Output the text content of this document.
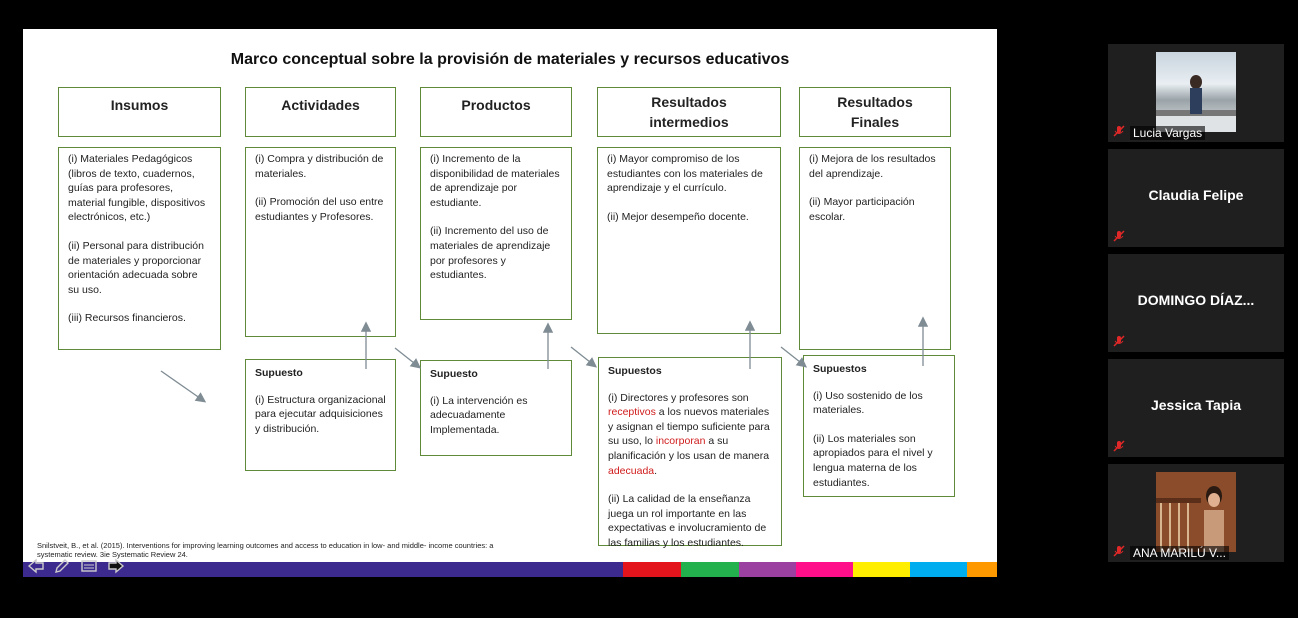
Marco conceptual sobre la provisión de materiales y recursos educativos
Insumos	Actividades	Productos	Resultados
intermedios
Resultados
Finales

(i) Materiales Pedagógicos (libros de texto, cuadernos, guías para profesores, material fungible, dispositivos electrónicos, etc.)

(ii) Personal para distribución de materiales y proporcionar orientación adecuada sobre su uso.

(iii) Recursos financieros.

(i) Compra y distribución de materiales.

(ii) Promoción del uso entre estudiantes y Profesores.

(i) Incremento de la disponibilidad de materiales de aprendizaje por estudiante.

(ii) Incremento del uso de materiales de aprendizaje por profesores y estudiantes.

(i) Mayor compromiso de los estudiantes con los materiales de aprendizaje y el currículo.

(ii) Mejor desempeño docente.

(i) Mejora de los resultados del aprendizaje.

(ii) Mayor participación escolar.

Supuesto

(i) Estructura organizacional para ejecutar adquisiciones y distribución.

Supuesto

(i) La intervención es adecuadamente Implementada.

Supuestos

(i) Directores y profesores son receptivos a los nuevos materiales y asignan el tiempo suficiente para su uso, lo incorporan a su planificación y los usan de manera adecuada.

(ii) La calidad de la enseñanza juega un rol importante en las expectativas e involucramiento de las familias y los estudiantes.

Supuestos

(i) Uso sostenido de los materiales.

(ii) Los materiales son apropiados para el nivel y lengua materna de los estudiantes.

Snilstveit, B., et al. (2015). Interventions for improving learning outcomes and access to education in low- and middle- income countries: a systematic review. 3ie Systematic Review 24.
Lucia Vargas
Claudia Felipe
DOMINGO DÍAZ...
Jessica Tapia
ANA MARILÚ V...
